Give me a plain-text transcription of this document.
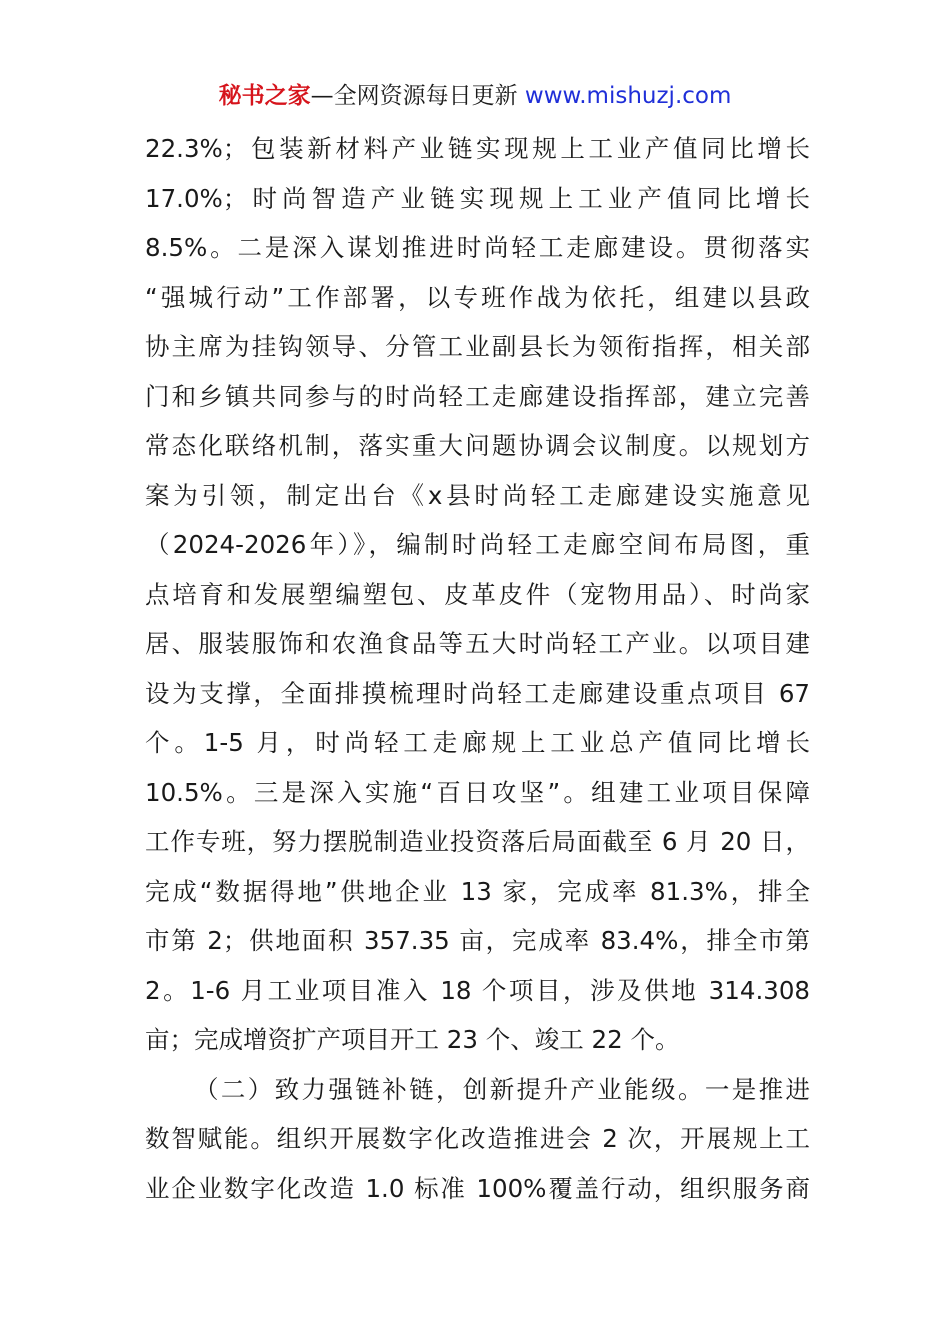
秘书之家—全网资源每日更新 www.mishuzj.com
22.3%；包装新材料产业链实现规上工业产值同比增长
17.0%；时尚智造产业链实现规上工业产值同比增长
8.5%。二是深入谋划推进时尚轻工走廊建设。贯彻落实
“强城行动”工作部署，以专班作战为依托，组建以县政
协主席为挂钩领导、分管工业副县长为领衔指挥，相关部
门和乡镇共同参与的时尚轻工走廊建设指挥部，建立完善
常态化联络机制，落实重大问题协调会议制度。以规划方
案为引领，制定出台《x县时尚轻工走廊建设实施意见
（2024-2026年）》，编制时尚轻工走廊空间布局图，重
点培育和发展塑编塑包、皮革皮件（宠物用品）、时尚家
居、服装服饰和农渔食品等五大时尚轻工产业。以项目建
设为支撑，全面排摸梳理时尚轻工走廊建设重点项目 67
个。1-5 月，时尚轻工走廊规上工业总产值同比增长
10.5%。三是深入实施“百日攻坚”。组建工业项目保障
工作专班，努力摆脱制造业投资落后局面截至 6 月 20 日，
完成“数据得地”供地企业 13 家，完成率 81.3%，排全
市第 2；供地面积 357.35 亩，完成率 83.4%，排全市第
2。1-6 月工业项目准入 18 个项目，涉及供地 314.308
亩；完成增资扩产项目开工 23 个、竣工 22 个。
（二）致力强链补链，创新提升产业能级。一是推进
数智赋能。组织开展数字化改造推进会 2 次，开展规上工
业企业数字化改造 1.0 标准 100%覆盖行动，组织服务商
